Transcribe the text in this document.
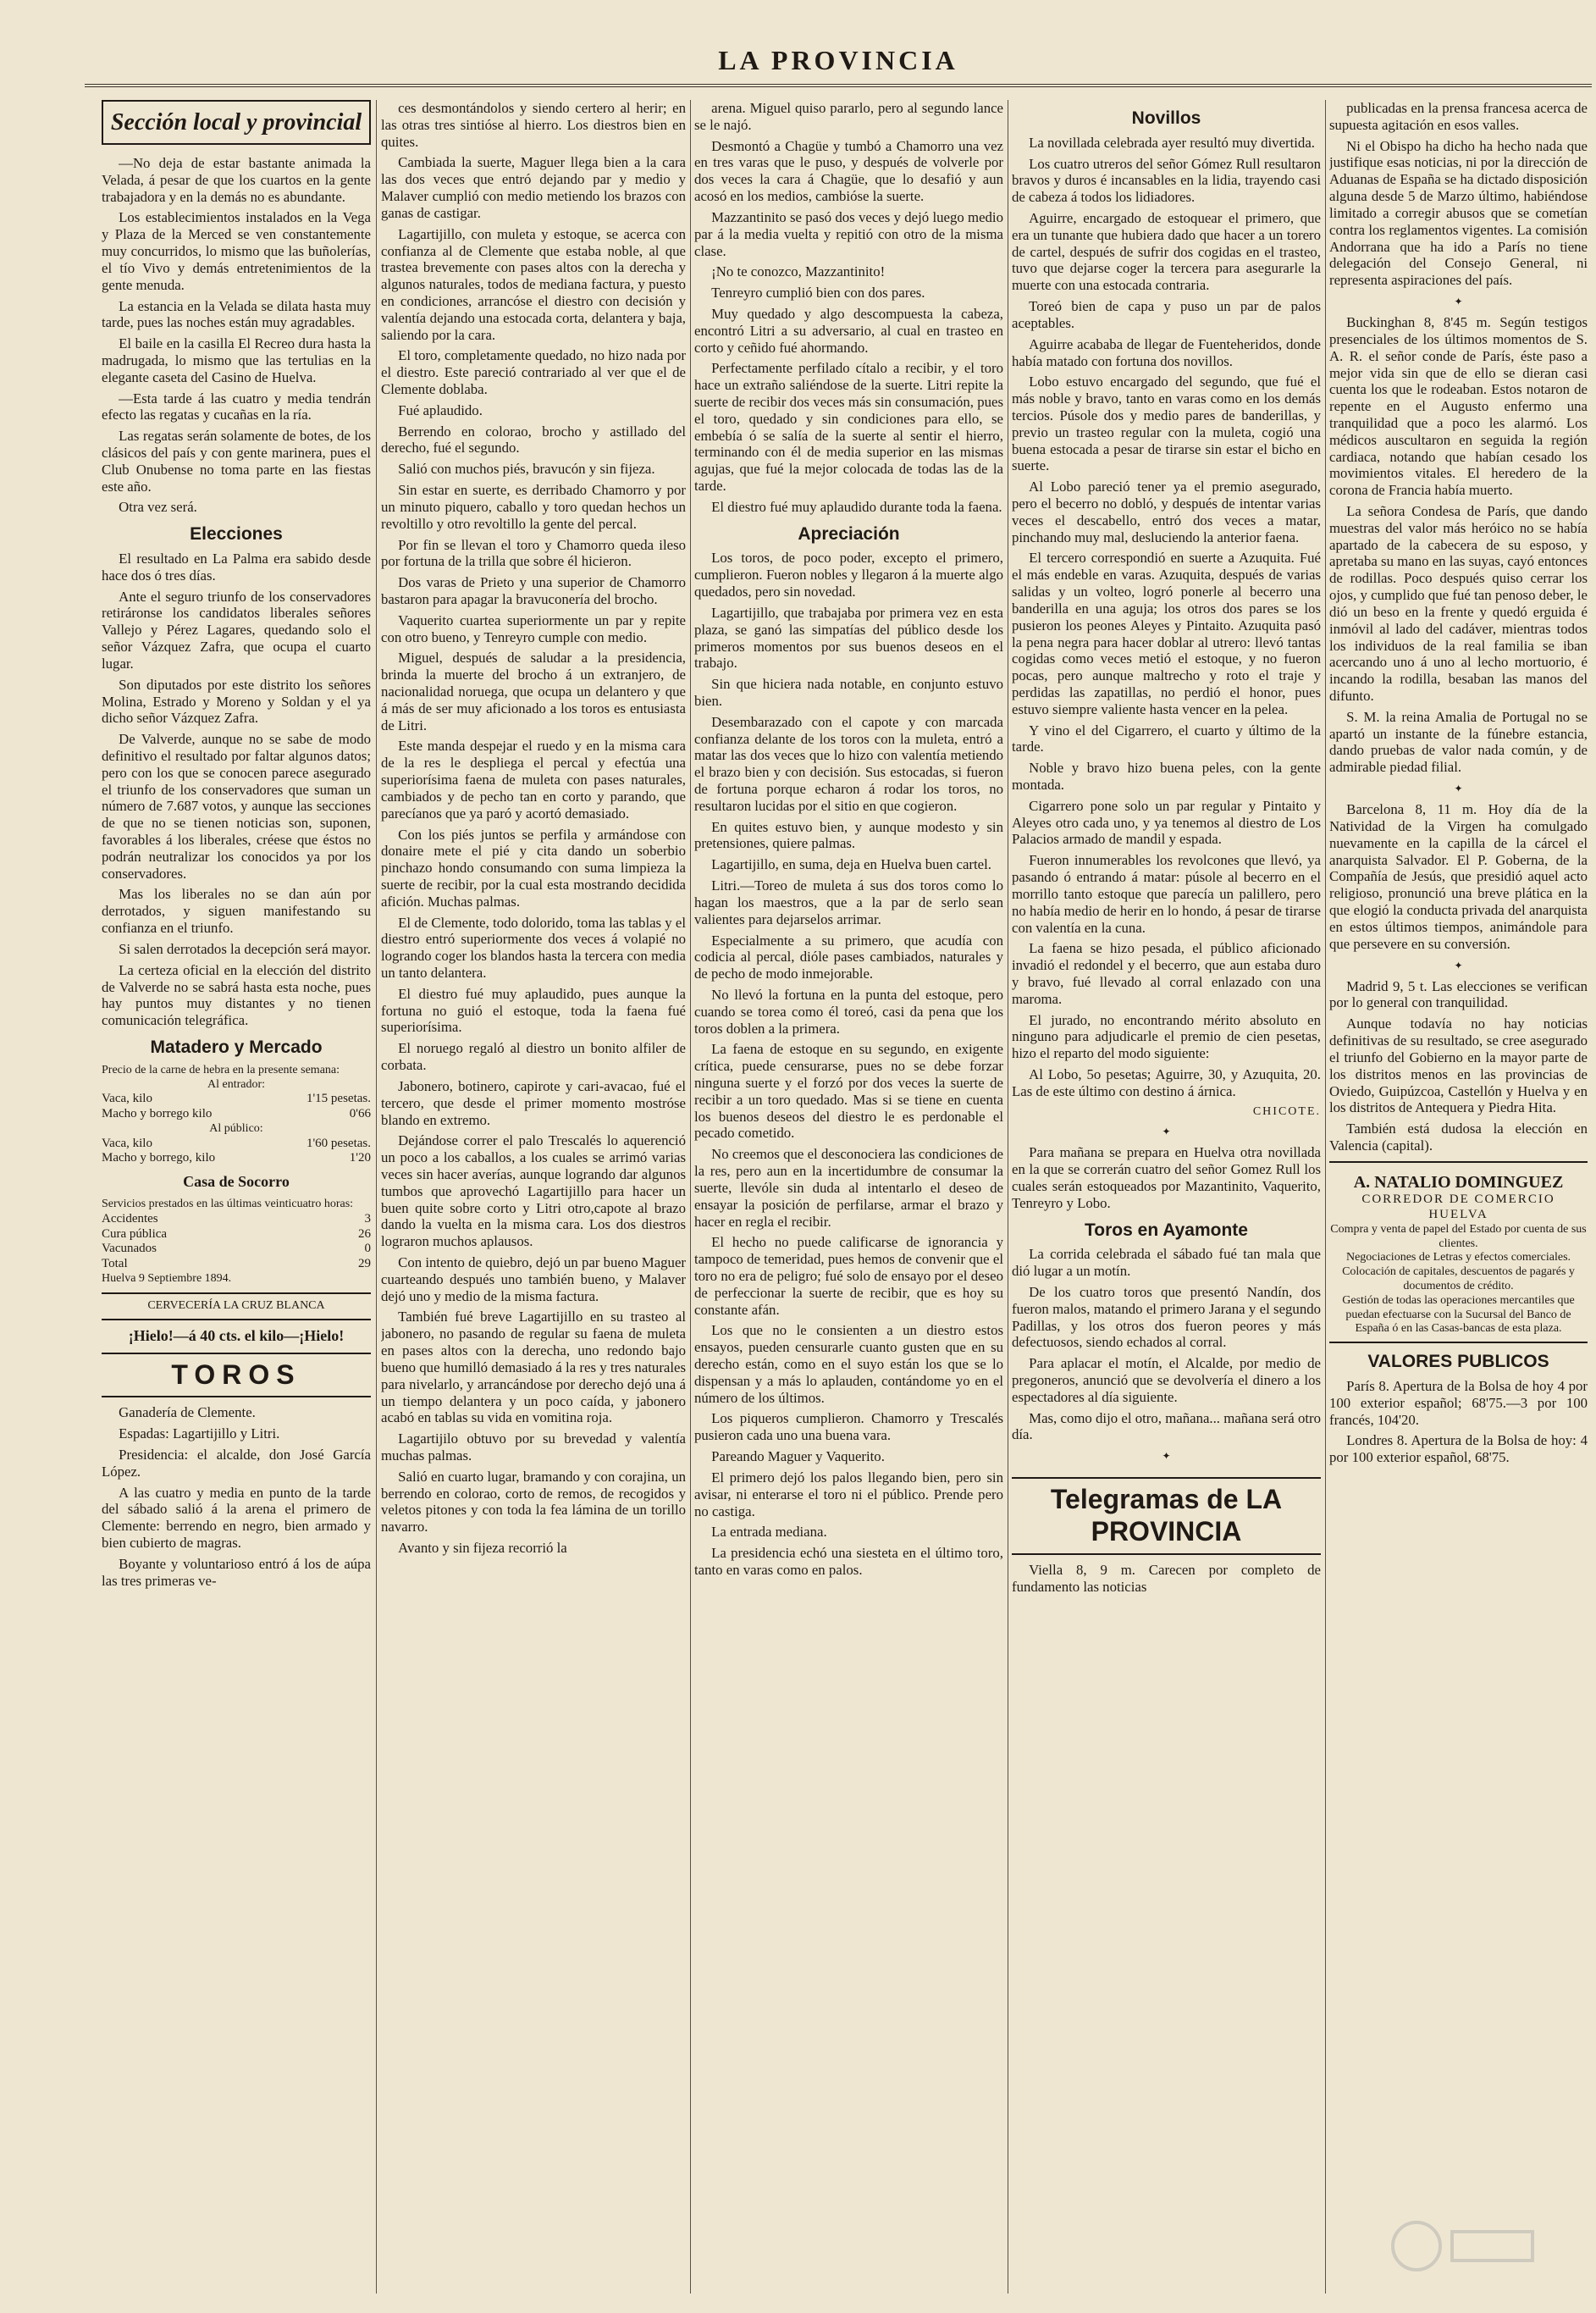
LA PROVINCIA
Sección local y provincial

—No deja de estar bastante animada la Velada, á pesar de que los cuartos en la gente trabajadora y en la demás no es abundante.

Los establecimientos instalados en la Vega y Plaza de la Merced se ven constantemente muy concurridos, lo mismo que las buñolerías, el tío Vivo y demás entretenimientos de la gente menuda.

La estancia en la Velada se dilata hasta muy tarde, pues las noches están muy agradables.

El baile en la casilla El Recreo dura hasta la madrugada, lo mismo que las tertulias en la elegante caseta del Casino de Huelva.

—Esta tarde á las cuatro y media tendrán efecto las regatas y cucañas en la ría.

Las regatas serán solamente de botes, de los clásicos del país y con gente marinera, pues el Club Onubense no toma parte en las fiestas este año.

Otra vez será.

Elecciones

El resultado en La Palma era sabido desde hace dos ó tres días.

Ante el seguro triunfo de los conservadores retiráronse los candidatos liberales señores Vallejo y Pérez Lagares, quedando solo el señor Vázquez Zafra, que ocupa el cuarto lugar.

Son diputados por este distrito los señores Molina, Estrado y Moreno y Soldan y el ya dicho señor Vázquez Zafra.

De Valverde, aunque no se sabe de modo definitivo el resultado por faltar algunos datos; pero con los que se conocen parece asegurado el triunfo de los conservadores que suman un número de 7.687 votos, y aunque las secciones de que no se tienen noticias son, suponen, favorables á los liberales, créese que éstos no podrán neutralizar los conocidos ya por los conservadores.

Mas los liberales no se dan aún por derrotados, y siguen manifestando su confianza en el triunfo.

Si salen derrotados la decepción será mayor.

La certeza oficial en la elección del distrito de Valverde no se sabrá hasta esta noche, pues hay puntos muy distantes y no tienen comunicación telegráfica.

Matadero y Mercado
Precio de la carne de hebra en la presente semana:
Al entrador:
Vaca, kilo	1'15 pesetas.
Macho y borrego kilo	0'66
Al público:
Vaca, kilo	1'60 pesetas.
Macho y borrego, kilo	1'20
Casa de Socorro
Servicios prestados en las últimas veinticuatro horas:
Accidentes	3
Cura pública	26
Vacunados	0
Total	29
Huelva 9 Septiembre 1894.
CERVECERÍA LA CRUZ BLANCA
¡Hielo!—á 40 cts. el kilo—¡Hielo!
TOROS

Ganadería de Clemente.

Espadas: Lagartijillo y Litri.

Presidencia: el alcalde, don José García López.

A las cuatro y media en punto de la tarde del sábado salió á la arena el primero de Clemente: berrendo en negro, bien armado y bien cubierto de magras.

Boyante y voluntarioso entró á los de aúpa las tres primeras ve-

ces desmontándolos y siendo certero al herir; en las otras tres sintióse al hierro. Los diestros bien en quites.

Cambiada la suerte, Maguer llega bien a la cara las dos veces que entró dejando par y medio y Malaver cumplió con medio metiendo los brazos con ganas de castigar.

Lagartijillo, con muleta y estoque, se acerca con confianza al de Clemente que estaba noble, al que trastea brevemente con pases altos con la derecha y algunos naturales, todos de mediana factura, y puesto en condiciones, arrancóse el diestro con decisión y valentía dejando una estocada corta, delantera y baja, saliendo por la cara.

El toro, completamente quedado, no hizo nada por el diestro. Este pareció contrariado al ver que el de Clemente doblaba.

Fué aplaudido.

Berrendo en colorao, brocho y astillado del derecho, fué el segundo.

Salió con muchos piés, bravucón y sin fijeza.

Sin estar en suerte, es derribado Chamorro y por un minuto piquero, caballo y toro quedan hechos un revoltillo y otro revoltillo la gente del percal.

Por fin se llevan el toro y Chamorro queda ileso por fortuna de la trilla que sobre él hicieron.

Dos varas de Prieto y una superior de Chamorro bastaron para apagar la bravuconería del brocho.

Vaquerito cuartea superiormente un par y repite con otro bueno, y Tenreyro cumple con medio.

Miguel, después de saludar a la presidencia, brinda la muerte del brocho á un extranjero, de nacionalidad noruega, que ocupa un delantero y que á más de ser muy aficionado a los toros es entusiasta de Litri.

Este manda despejar el ruedo y en la misma cara de la res le despliega el percal y efectúa una superiorísima faena de muleta con pases naturales, cambiados y de pecho tan en corto y parando, que parecíanos que ya paró y acortó demasiado.

Con los piés juntos se perfila y armándose con donaire mete el pié y cita dando un soberbio pinchazo hondo consumando con suma limpieza la suerte de recibir, por la cual esta mostrando decidida afición. Muchas palmas.

El de Clemente, todo dolorido, toma las tablas y el diestro entró superiormente dos veces á volapié no logrando coger los blandos hasta la tercera con media un tanto delantera.

El diestro fué muy aplaudido, pues aunque la fortuna no guió el estoque, toda la faena fué superiorísima.

El noruego regaló al diestro un bonito alfiler de corbata.

Jabonero, botinero, capirote y cari-avacao, fué el tercero, que desde el primer momento mostróse blando en extremo.

Dejándose correr el palo Trescalés lo aquerenció un poco a los caballos, a los cuales se arrimó varias veces sin hacer averías, aunque logrando dar algunos tumbos que aprovechó Lagartijillo para hacer un buen quite sobre corto y Litri otro,capote al brazo dando la vuelta en la misma cara. Los dos diestros lograron muchos aplausos.

Con intento de quiebro, dejó un par bueno Maguer cuarteando después uno también bueno, y Malaver dejó uno y medio de la misma factura.

También fué breve Lagartijillo en su trasteo al jabonero, no pasando de regular su faena de muleta en pases altos con la derecha, uno redondo bajo bueno que humilló demasiado á la res y tres naturales para nivelarlo, y arrancándose por derecho dejó una á un tiempo delantera y un poco caída, y jabonero acabó en tablas su vida en vomitina roja.

Lagartijilo obtuvo por su brevedad y valentía muchas palmas.

Salió en cuarto lugar, bramando y con corajina, un berrendo en colorao, corto de remos, de recogidos y veletos pitones y con toda la fea lámina de un torillo navarro.

Avanto y sin fijeza recorrió la

arena. Miguel quiso pararlo, pero al segundo lance se le najó.

Desmontó a Chagüe y tumbó a Chamorro una vez en tres varas que le puso, y después de volverle por dos veces la cara á Chagüe, que lo desafió y aun acosó en los medios, cambióse la suerte.

Mazzantinito se pasó dos veces y dejó luego medio par á la media vuelta y repitió con otro de la misma clase.

¡No te conozco, Mazzantinito!

Tenreyro cumplió bien con dos pares.

Muy quedado y algo descompuesta la cabeza, encontró Litri a su adversario, al cual en trasteo en corto y ceñido fué ahormando.

Perfectamente perfilado cítalo a recibir, y el toro hace un extraño saliéndose de la suerte. Litri repite la suerte de recibir dos veces más sin consumación, pues el toro, quedado y sin condiciones para ello, se embebía ó se salía de la suerte al sentir el hierro, terminando con él de media superior en las mismas agujas, que fué la mejor colocada de todas las de la tarde.

El diestro fué muy aplaudido durante toda la faena.

Apreciación

Los toros, de poco poder, excepto el primero, cumplieron. Fueron nobles y llegaron á la muerte algo quedados, pero sin novedad.

Lagartijillo, que trabajaba por primera vez en esta plaza, se ganó las simpatías del público desde los primeros momentos por sus buenos deseos en el trabajo.

Sin que hiciera nada notable, en conjunto estuvo bien.

Desembarazado con el capote y con marcada confianza delante de los toros con la muleta, entró a matar las dos veces que lo hizo con valentía metiendo el brazo bien y con decisión. Sus estocadas, si fueron de fortuna porque echaron á rodar los toros, no resultaron lucidas por el sitio en que cogieron.

En quites estuvo bien, y aunque modesto y sin pretensiones, quiere palmas.

Lagartijillo, en suma, deja en Huelva buen cartel.

Litri.—Toreo de muleta á sus dos toros como lo hagan los maestros, que a la par de serlo sean valientes para dejarselos arrimar.

Especialmente a su primero, que acudía con codicia al percal, dióle pases cambiados, naturales y de pecho de modo inmejorable.

No llevó la fortuna en la punta del estoque, pero cuando se torea como él toreó, casi da pena que los toros doblen a la primera.

La faena de estoque en su segundo, en exigente crítica, puede censurarse, pues no se debe forzar ninguna suerte y el forzó por dos veces la suerte de recibir a un toro quedado. Mas si se tiene en cuenta los buenos deseos del diestro le es perdonable el pecado cometido.

No creemos que el desconociera las condiciones de la res, pero aun en la incertidumbre de consumar la suerte, llevóle sin duda al intentarlo el deseo de ensayar la posición de perfilarse, armar el brazo y hacer en regla el recibir.

El hecho no puede calificarse de ignorancia y tampoco de temeridad, pues hemos de convenir que el toro no era de peligro; fué solo de ensayo por el deseo de perfeccionar la suerte de recibir, que es hoy su constante afán.

Los que no le consienten a un diestro estos ensayos, pueden censurarle cuanto gusten que en su derecho están, como en el suyo están los que se lo dispensan y a más lo aplauden, contándome yo en el número de los últimos.

Los piqueros cumplieron. Chamorro y Trescalés pusieron cada uno una buena vara.

Pareando Maguer y Vaquerito.

El primero dejó los palos llegando bien, pero sin avisar, ni enterarse el toro ni el público. Prende pero no castiga.

La entrada mediana.

La presidencia echó una siesteta en el último toro, tanto en varas como en palos.

Novillos

La novillada celebrada ayer resultó muy divertida.

Los cuatro utreros del señor Gómez Rull resultaron bravos y duros é incansables en la lidia, trayendo casi de cabeza á todos los lidiadores.

Aguirre, encargado de estoquear el primero, que era un tunante que hubiera dado que hacer a un torero de cartel, después de sufrir dos cogidas en el trasteo, tuvo que dejarse coger la tercera para asegurarle la muerte con una estocada contraria.

Toreó bien de capa y puso un par de palos aceptables.

Aguirre acababa de llegar de Fuenteheridos, donde había matado con fortuna dos novillos.

Lobo estuvo encargado del segundo, que fué el más noble y bravo, tanto en varas como en los demás tercios. Púsole dos y medio pares de banderillas, y previo un trasteo regular con la muleta, cogió una buena estocada a pesar de tirarse sin estar el bicho en suerte.

Al Lobo pareció tener ya el premio asegurado, pero el becerro no dobló, y después de intentar varias veces el descabello, entró dos veces a matar, pinchando muy mal, desluciendo la anterior faena.

El tercero correspondió en suerte a Azuquita. Fué el más endeble en varas. Azuquita, después de varias salidas y un volteo, logró ponerle al becerro una banderilla en una aguja; los otros dos pares se los pusieron los peones Aleyes y Pintaito. Azuquita pasó la pena negra para hacer doblar al utrero: llevó tantas cogidas como veces metió el estoque, y no fueron pocas, pero aunque maltrecho y roto el traje y perdidas las zapatillas, no perdió el honor, pues estuvo siempre valiente hasta vencer en la pelea.

Y vino el del Cigarrero, el cuarto y último de la tarde.

Noble y bravo hizo buena peles, con la gente montada.

Cigarrero pone solo un par regular y Pintaito y Aleyes otro cada uno, y ya tenemos al diestro de Los Palacios armado de mandil y espada.

Fueron innumerables los revolcones que llevó, ya pasando ó entrando á matar: púsole al becerro en el morrillo tanto estoque que parecía un palillero, pero no había medio de herir en lo hondo, á pesar de tirarse con valentía en la cuna.

La faena se hizo pesada, el público aficionado invadió el redondel y el becerro, que aun estaba duro y bravo, fué llevado al corral enlazado con una maroma.

El jurado, no encontrando mérito absoluto en ninguno para adjudicarle el premio de cien pesetas, hizo el reparto del modo siguiente:

Al Lobo, 5o pesetas; Aguirre, 30, y Azuquita, 20. Las de este último con destino á árnica.

CHICOTE.
✦

Para mañana se prepara en Huelva otra novillada en la que se correrán cuatro del señor Gomez Rull los cuales serán estoqueados por Mazantinito, Vaquerito, Tenreyro y Lobo.

Toros en Ayamonte

La corrida celebrada el sábado fué tan mala que dió lugar a un motín.

De los cuatro toros que presentó Nandín, dos fueron malos, matando el primero Jarana y el segundo Padillas, y los otros dos fueron peores y más defectuosos, siendo echados al corral.

Para aplacar el motín, el Alcalde, por medio de pregoneros, anunció que se devolvería el dinero a los espectadores al día siguiente.

Mas, como dijo el otro, mañana... mañana será otro día.

✦
Telegramas de LA PROVINCIA

Viella 8, 9 m. Carecen por completo de fundamento las noticias

publicadas en la prensa francesa acerca de supuesta agitación en esos valles.

Ni el Obispo ha dicho ha hecho nada que justifique esas noticias, ni por la dirección de Aduanas de España se ha dictado disposición alguna desde 5 de Marzo último, habiéndose limitado a corregir abusos que se cometían contra los reglamentos vigentes. La comisión Andorrana que ha ido a París no tiene delegación del Consejo General, ni representa aspiraciones del país.

✦

Buckinghan 8, 8'45 m. Según testigos presenciales de los últimos momentos de S. A. R. el señor conde de París, éste paso a mejor vida sin que de ello se dieran casi cuenta los que le rodeaban. Estos notaron de repente en el Augusto enfermo una tranquilidad que a poco les alarmó. Los médicos auscultaron en seguida la región cardiaca, notando que habían cesado los movimientos vitales. El heredero de la corona de Francia había muerto.

La señora Condesa de París, que dando muestras del valor más heróico no se había apartado de la cabecera de su esposo, y apretaba su mano en las suyas, cayó entonces de rodillas. Poco después quiso cerrar los ojos, y cumplido que fué tan penoso deber, le dió un beso en la frente y quedó erguida é inmóvil al lado del cadáver, mientras todos los individuos de la real familia se iban acercando uno á uno al lecho mortuorio, é incando la rodilla, besaban las manos del difunto.

S. M. la reina Amalia de Portugal no se apartó un instante de la fúnebre estancia, dando pruebas de valor nada común, y de admirable piedad filial.

✦

Barcelona 8, 11 m. Hoy día de la Natividad de la Virgen ha comulgado nuevamente en la capilla de la cárcel el anarquista Salvador. El P. Goberna, de la Compañía de Jesús, que presidió aquel acto religioso, pronunció una breve plática en la que elogió la conducta privada del anarquista en estos últimos tiempos, animándole para que persevere en su conversión.

✦

Madrid 9, 5 t. Las elecciones se verifican por lo general con tranquilidad.

Aunque todavía no hay noticias definitivas de su resultado, se cree asegurado el triunfo del Gobierno en la mayor parte de los distritos menos en las provincias de Oviedo, Guipúzcoa, Castellón y Huelva y en los distritos de Antequera y Piedra Hita.

También está dudosa la elección en Valencia (capital).

A. NATALIO DOMINGUEZ
CORREDOR DE COMERCIO
HUELVA
Compra y venta de papel del Estado por cuenta de sus clientes.
Negociaciones de Letras y efectos comerciales.
Colocación de capitales, descuentos de pagarés y documentos de crédito.
Gestión de todas las operaciones mercantiles que puedan efectuarse con la Sucursal del Banco de España ó en las Casas-bancas de esta plaza.
VALORES PUBLICOS

París 8. Apertura de la Bolsa de hoy 4 por 100 exterior español; 68'75.—3 por 100 francés, 104'20.

Londres 8. Apertura de la Bolsa de hoy: 4 por 100 exterior español, 68'75.
